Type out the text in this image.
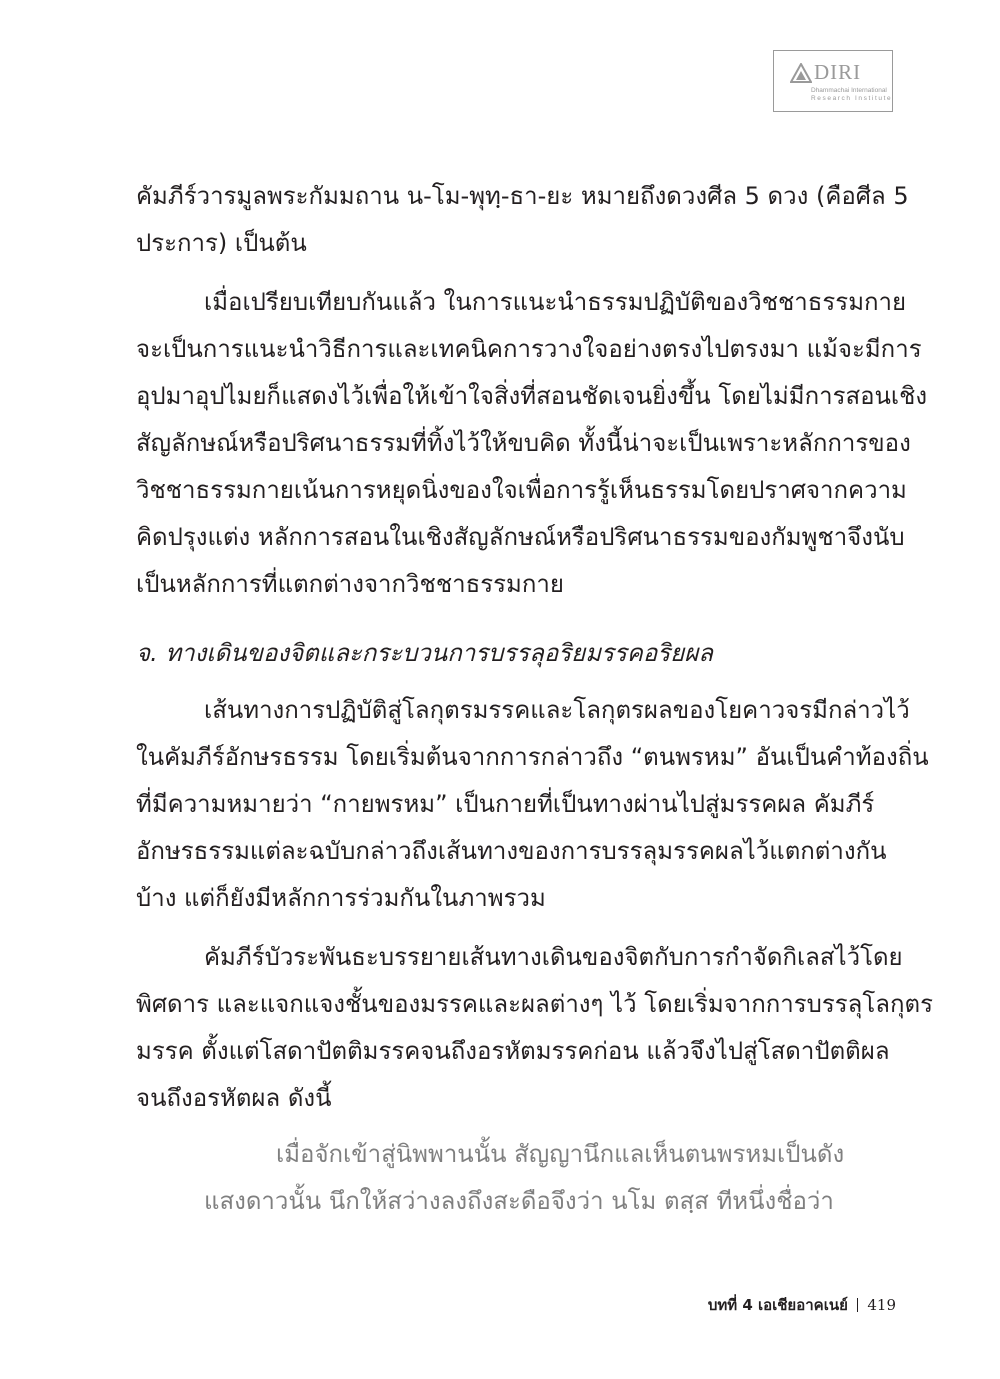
DIRI
Dhammachai International
Research Institute
คัมภีร์วารมูลพระกัมมถาน น-โม-พุทฺ-ธา-ยะ หมายถึงดวงศีล 5 ดวง (คือศีล 5
ประการ) เป็นต้น
เมื่อเปรียบเทียบกันแล้ว ในการแนะนำธรรมปฏิบัติของวิชชาธรรมกาย
จะเป็นการแนะนำวิธีการและเทคนิคการวางใจอย่างตรงไปตรงมา แม้จะมีการ
อุปมาอุปไมยก็แสดงไว้เพื่อให้เข้าใจสิ่งที่สอนชัดเจนยิ่งขึ้น โดยไม่มีการสอนเชิง
สัญลักษณ์หรือปริศนาธรรมที่ทิ้งไว้ให้ขบคิด ทั้งนี้น่าจะเป็นเพราะหลักการของ
วิชชาธรรมกายเน้นการหยุดนิ่งของใจเพื่อการรู้เห็นธรรมโดยปราศจากความ
คิดปรุงแต่ง หลักการสอนในเชิงสัญลักษณ์หรือปริศนาธรรมของกัมพูชาจึงนับ
เป็นหลักการที่แตกต่างจากวิชชาธรรมกาย
จ. ทางเดินของจิตและกระบวนการบรรลุอริยมรรคอริยผล
เส้นทางการปฏิบัติสู่โลกุตรมรรคและโลกุตรผลของโยคาวจรมีกล่าวไว้
ในคัมภีร์อักษรธรรม โดยเริ่มต้นจากการกล่าวถึง “ตนพรหม” อันเป็นคำท้องถิ่น
ที่มีความหมายว่า “กายพรหม” เป็นกายที่เป็นทางผ่านไปสู่มรรคผล คัมภีร์
อักษรธรรมแต่ละฉบับกล่าวถึงเส้นทางของการบรรลุมรรคผลไว้แตกต่างกัน
บ้าง แต่ก็ยังมีหลักการร่วมกันในภาพรวม
คัมภีร์บัวระพันธะบรรยายเส้นทางเดินของจิตกับการกำจัดกิเลสไว้โดย
พิศดาร และแจกแจงชั้นของมรรคและผลต่างๆ ไว้ โดยเริ่มจากการบรรลุโลกุตร
มรรค ตั้งแต่โสดาปัตติมรรคจนถึงอรหัตมรรคก่อน แล้วจึงไปสู่โสดาปัตติผล
จนถึงอรหัตผล ดังนี้
เมื่อจักเข้าสู่นิพพานนั้น สัญญานึกแลเห็นตนพรหมเป็นดัง
แสงดาวนั้น นึกให้สว่างลงถึงสะดือจึงว่า นโม ตสฺส ทีหนึ่งชื่อว่า
บทที่ 4 เอเชียอาคเนย์ 419
